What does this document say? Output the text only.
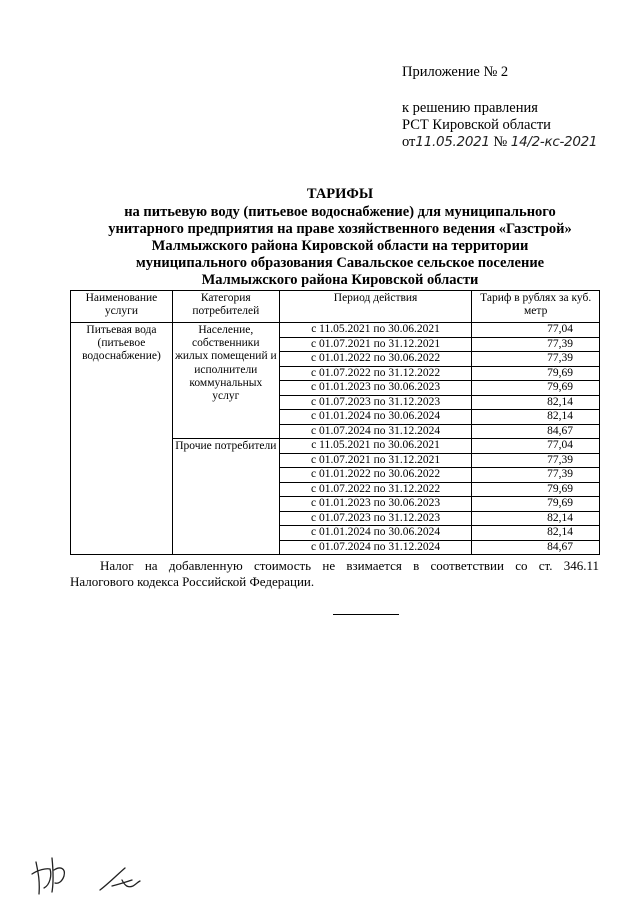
Приложение № 2
к решению правления
РСТ Кировской области
от11.05.2021 № 14/2-кс-2021
ТАРИФЫ
на питьевую воду (питьевое водоснабжение) для муниципального
унитарного предприятия на праве хозяйственного ведения «Газстрой»
Малмыжского района Кировской области на территории
муниципального образования Савальское сельское поселение
Малмыжского района Кировской области
Наименование услуги	Категория потребителей	Период действия	Тариф в рублях за куб. метр
Питьевая вода (питьевое водоснабжение)	Население, собственники жилых помещений и исполнители коммунальных услуг	с 11.05.2021 по 30.06.2021	77,04
		с 01.07.2021 по 31.12.2021	77,39
		с 01.01.2022 по 30.06.2022	77,39
		с 01.07.2022 по 31.12.2022	79,69
		с 01.01.2023 по 30.06.2023	79,69
		с 01.07.2023 по 31.12.2023	82,14
		с 01.01.2024 по 30.06.2024	82,14
		с 01.07.2024 по 31.12.2024	84,67
	Прочие потребители	с 11.05.2021 по 30.06.2021	77,04
		с 01.07.2021 по 31.12.2021	77,39
		с 01.01.2022 по 30.06.2022	77,39
		с 01.07.2022 по 31.12.2022	79,69
		с 01.01.2023 по 30.06.2023	79,69
		с 01.07.2023 по 31.12.2023	82,14
		с 01.01.2024 по 30.06.2024	82,14
		с 01.07.2024 по 31.12.2024	84,67
Налог на добавленную стоимость не взимается в соответствии со ст. 346.11
Налогового кодекса Российской Федерации.
